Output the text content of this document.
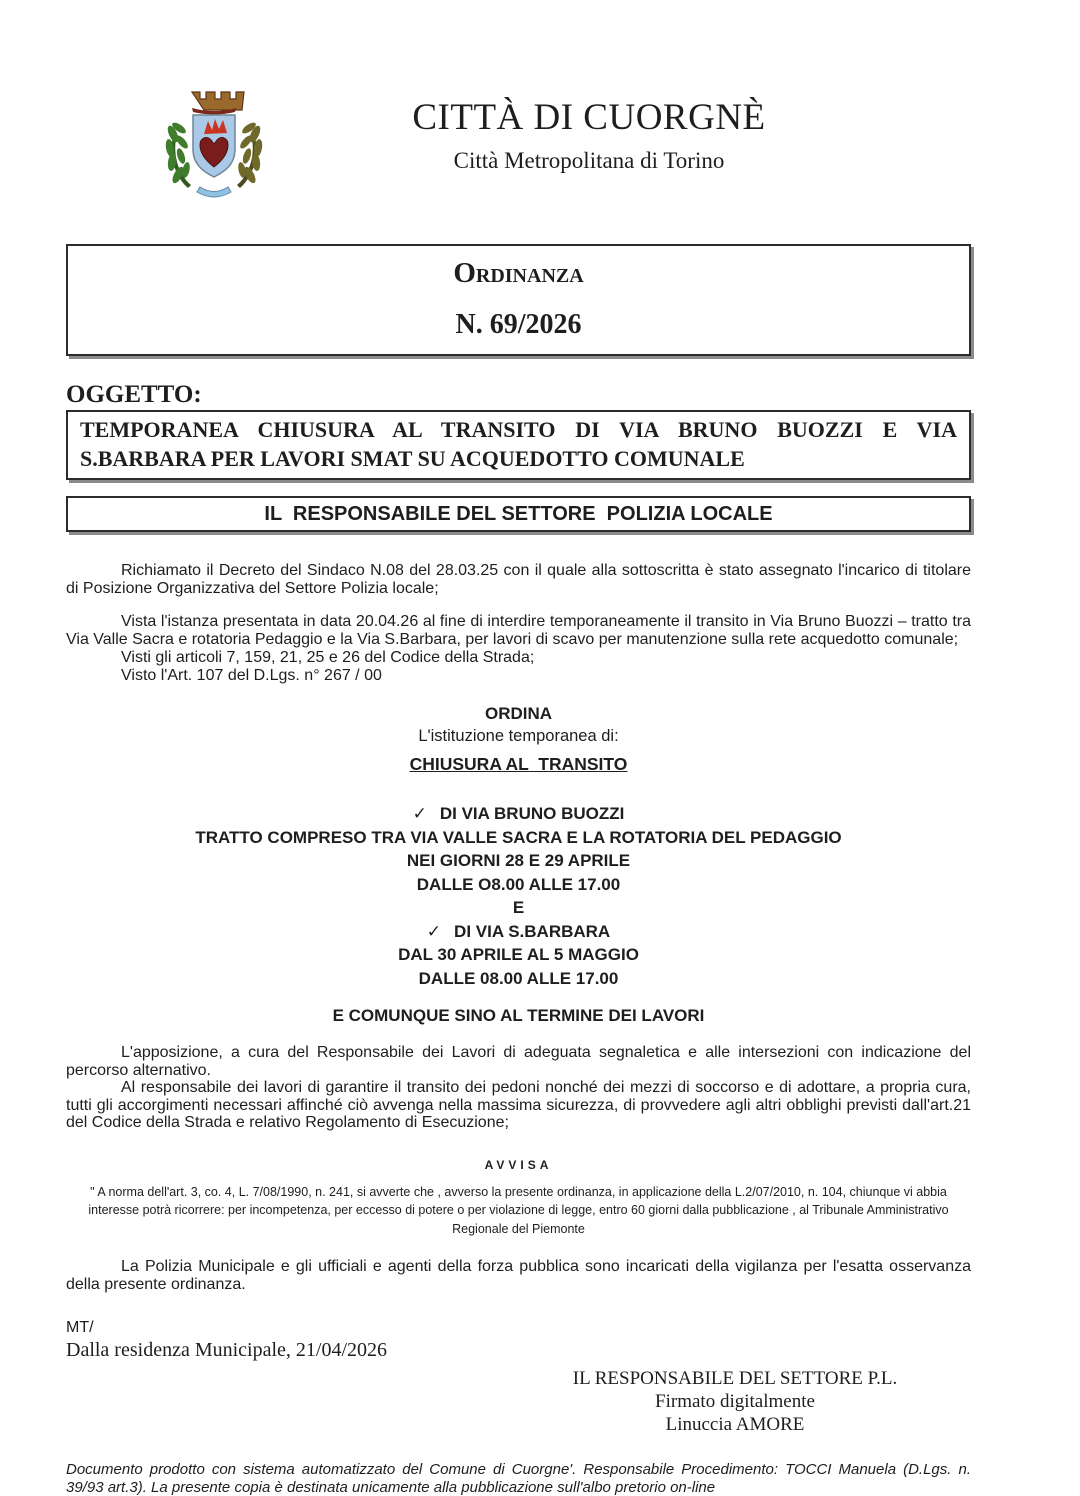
CITTÀ DI CUORGNÈ
Città Metropolitana di Torino
Ordinanza
N. 69/2026
OGGETTO:
TEMPORANEA CHIUSURA AL TRANSITO DI VIA BRUNO BUOZZI E VIA
S.BARBARA PER LAVORI SMAT SU ACQUEDOTTO COMUNALE
IL  RESPONSABILE DEL SETTORE  POLIZIA LOCALE
Richiamato il Decreto del Sindaco N.08 del 28.03.25 con il quale alla sottoscritta è stato assegnato l'incarico di titolare di Posizione Organizzativa del Settore Polizia locale;
Vista l'istanza presentata in data 20.04.26 al fine di interdire temporaneamente il transito in Via Bruno Buozzi – tratto tra Via Valle Sacra e rotatoria Pedaggio e la Via S.Barbara, per lavori di scavo per manutenzione sulla rete acquedotto comunale;
Visti gli articoli 7, 159, 21, 25 e 26 del Codice della Strada;
Visto l'Art. 107 del D.Lgs. n° 267 / 00
ORDINA
L'istituzione temporanea di:
CHIUSURA AL  TRANSITO
✓ DI VIA BRUNO BUOZZI
TRATTO COMPRESO TRA VIA VALLE SACRA E LA ROTATORIA DEL PEDAGGIO
NEI GIORNI 28 E 29 APRILE
DALLE O8.00 ALLE 17.00
E
✓ DI VIA S.BARBARA
DAL 30 APRILE AL 5 MAGGIO
DALLE 08.00 ALLE 17.00
E COMUNQUE SINO AL TERMINE DEI LAVORI
L'apposizione, a cura del Responsabile dei Lavori di adeguata segnaletica e alle intersezioni con indicazione del percorso alternativo.
Al responsabile dei lavori di garantire il transito dei pedoni nonché dei mezzi di soccorso e di adottare, a propria cura, tutti gli accorgimenti necessari affinché ciò avvenga nella massima sicurezza, di provvedere agli altri obblighi previsti dall'art.21 del Codice della Strada e relativo Regolamento di Esecuzione;
AVVISA
" A norma dell'art. 3, co. 4, L. 7/08/1990, n. 241, si avverte che , avverso la presente ordinanza, in applicazione della L.2/07/2010, n. 104, chiunque vi abbia interesse potrà ricorrere: per incompetenza, per eccesso di potere o per violazione di legge, entro 60 giorni dalla pubblicazione , al Tribunale Amministrativo Regionale del Piemonte
La Polizia Municipale e gli ufficiali e agenti della forza pubblica sono incaricati della vigilanza per l'esatta osservanza della presente ordinanza.
MT/
Dalla residenza Municipale, 21/04/2026
IL RESPONSABILE DEL SETTORE P.L.
Firmato digitalmente
Linuccia AMORE
Documento prodotto con sistema automatizzato del Comune di Cuorgne'. Responsabile Procedimento: TOCCI Manuela (D.Lgs. n. 39/93 art.3). La presente copia è destinata unicamente alla pubblicazione sull'albo pretorio on-line
